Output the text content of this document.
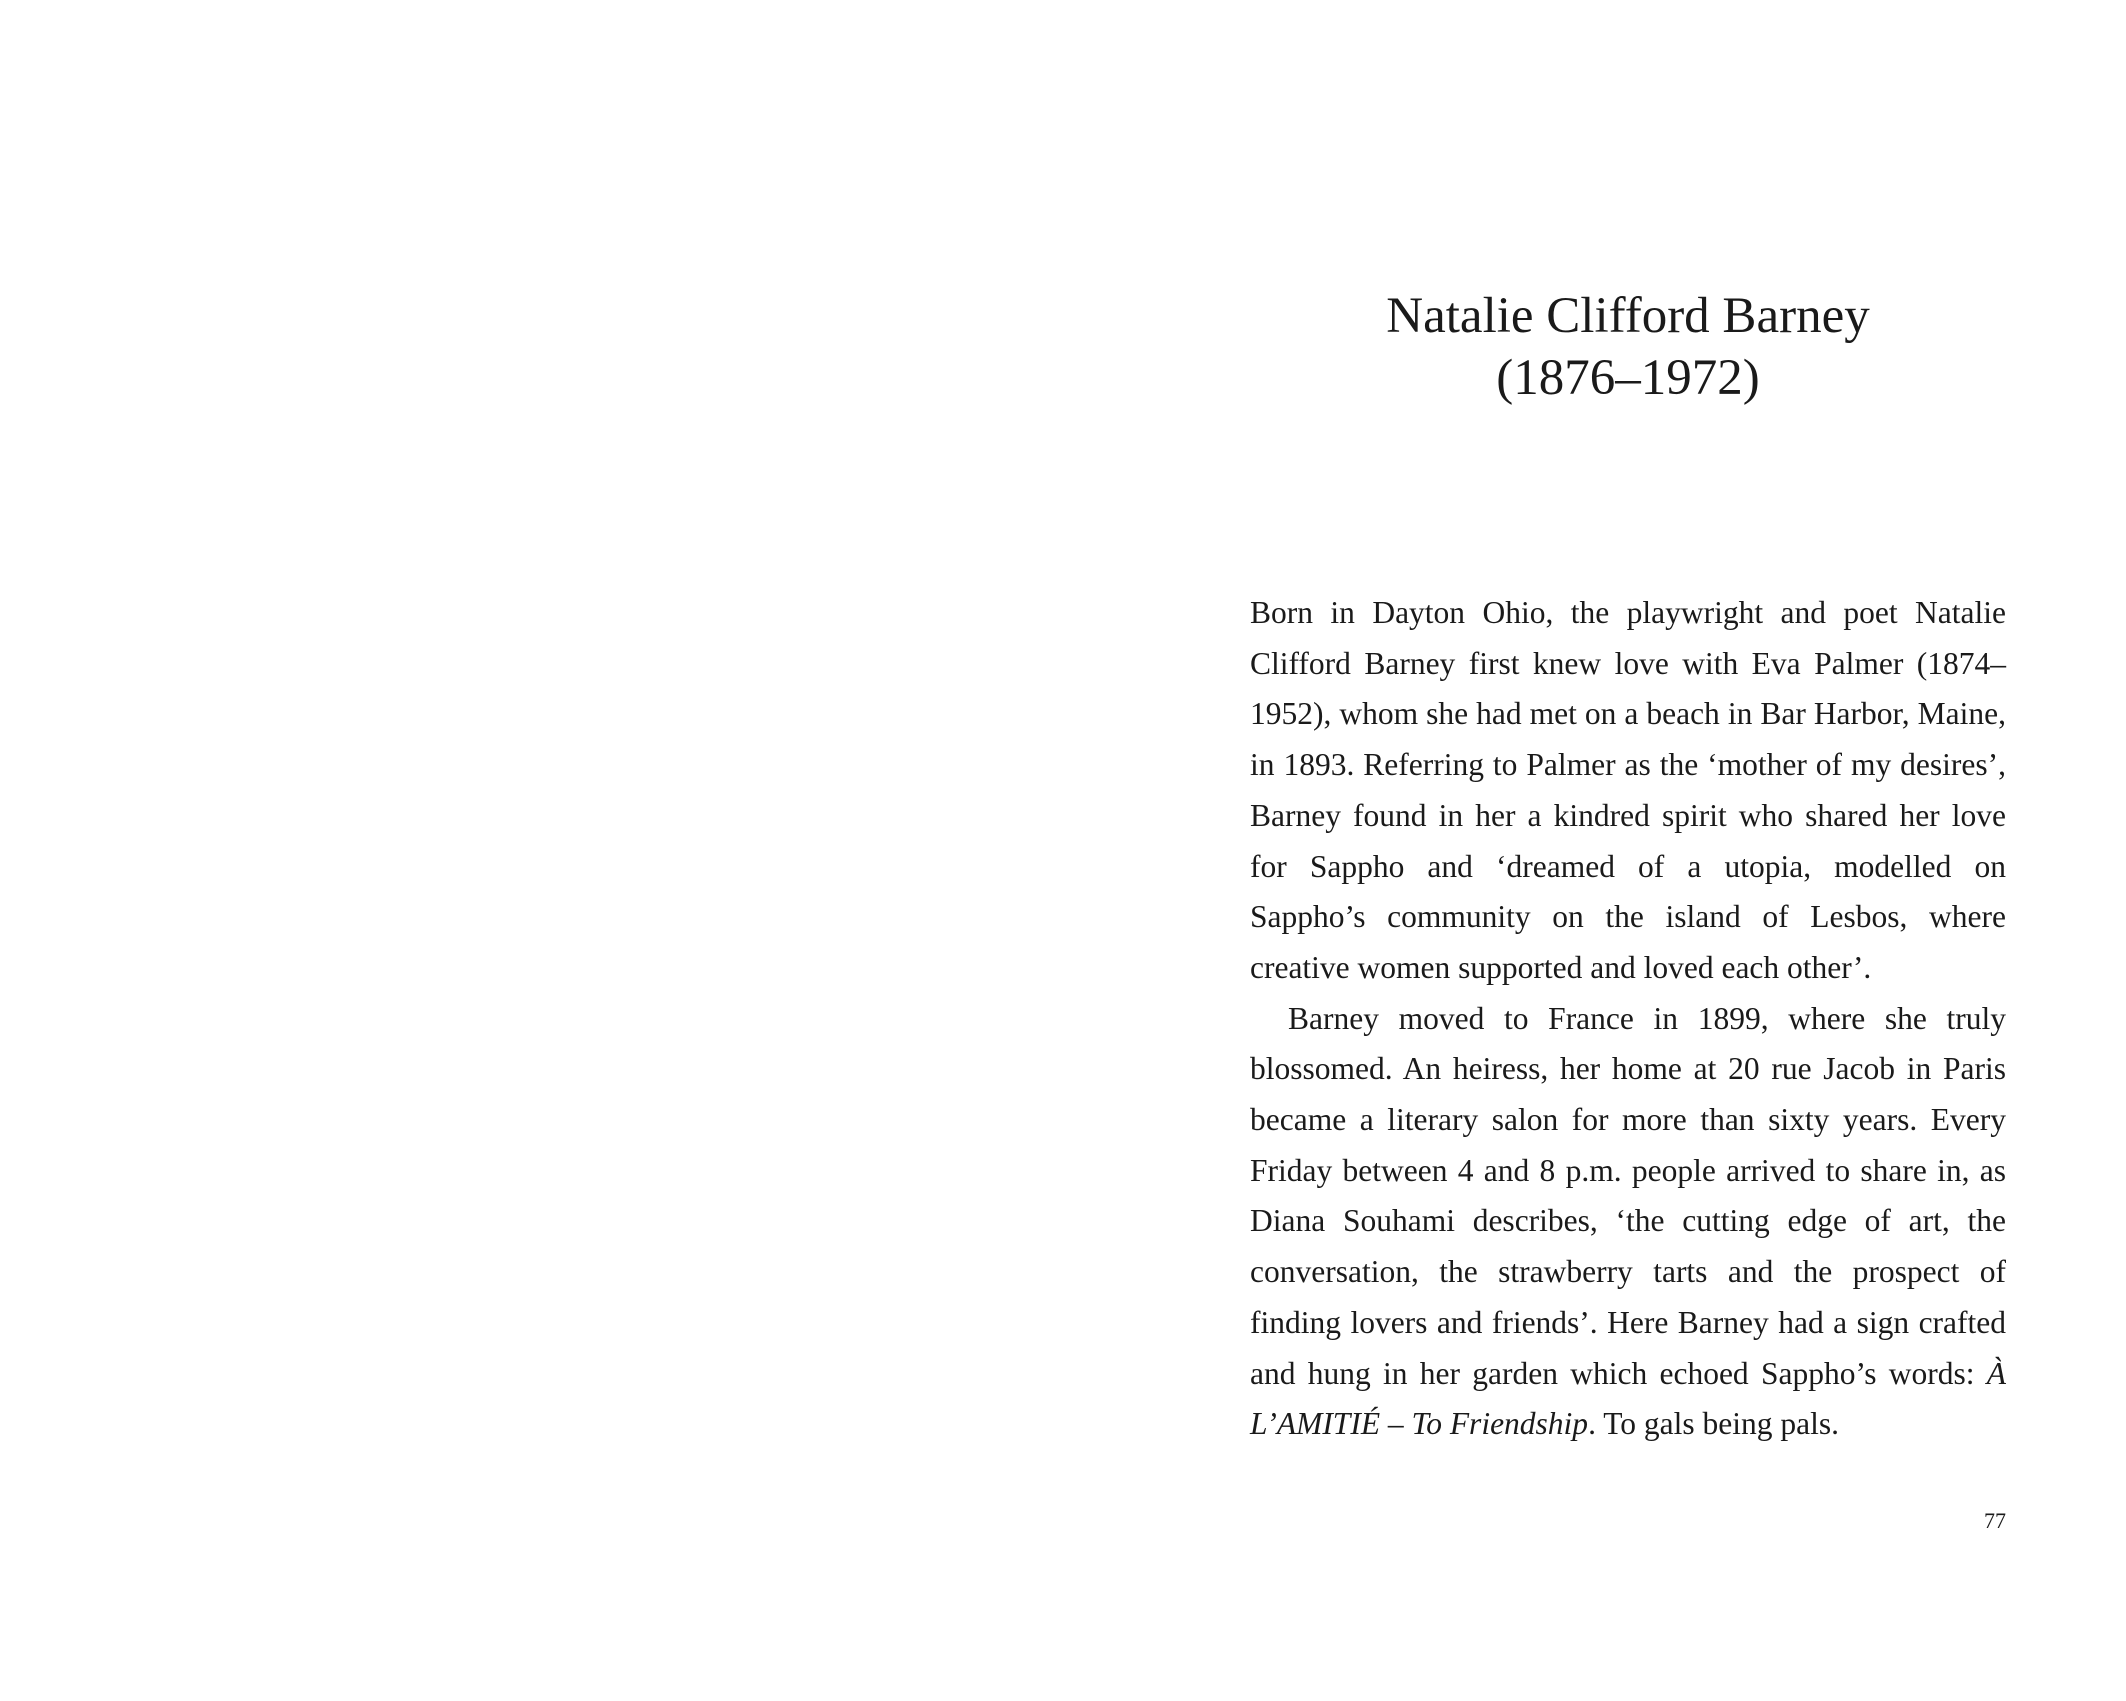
Natalie Clifford Barney
(1876–1972)

Born in Dayton Ohio, the playwright and poet Natalie Clifford Barney first knew love with Eva Palmer (1874–1952), whom she had met on a beach in Bar Harbor, Maine, in 1893. Referring to Palmer as the ‘mother of my desires’, Barney found in her a kindred spirit who shared her love for Sappho and ‘dreamed of a utopia, modelled on Sappho’s community on the island of Lesbos, where creative women supported and loved each other’.

Barney moved to France in 1899, where she truly blossomed. An heiress, her home at 20 rue Jacob in Paris became a literary salon for more than sixty years. Every Friday between 4 and 8 p.m. people arrived to share in, as Diana Souhami describes, ‘the cutting edge of art, the conversation, the strawberry tarts and the prospect of finding lovers and friends’. Here Barney had a sign crafted and hung in her garden which echoed Sappho’s words: À L’AMITIÉ – To Friendship. To gals being pals.

77
